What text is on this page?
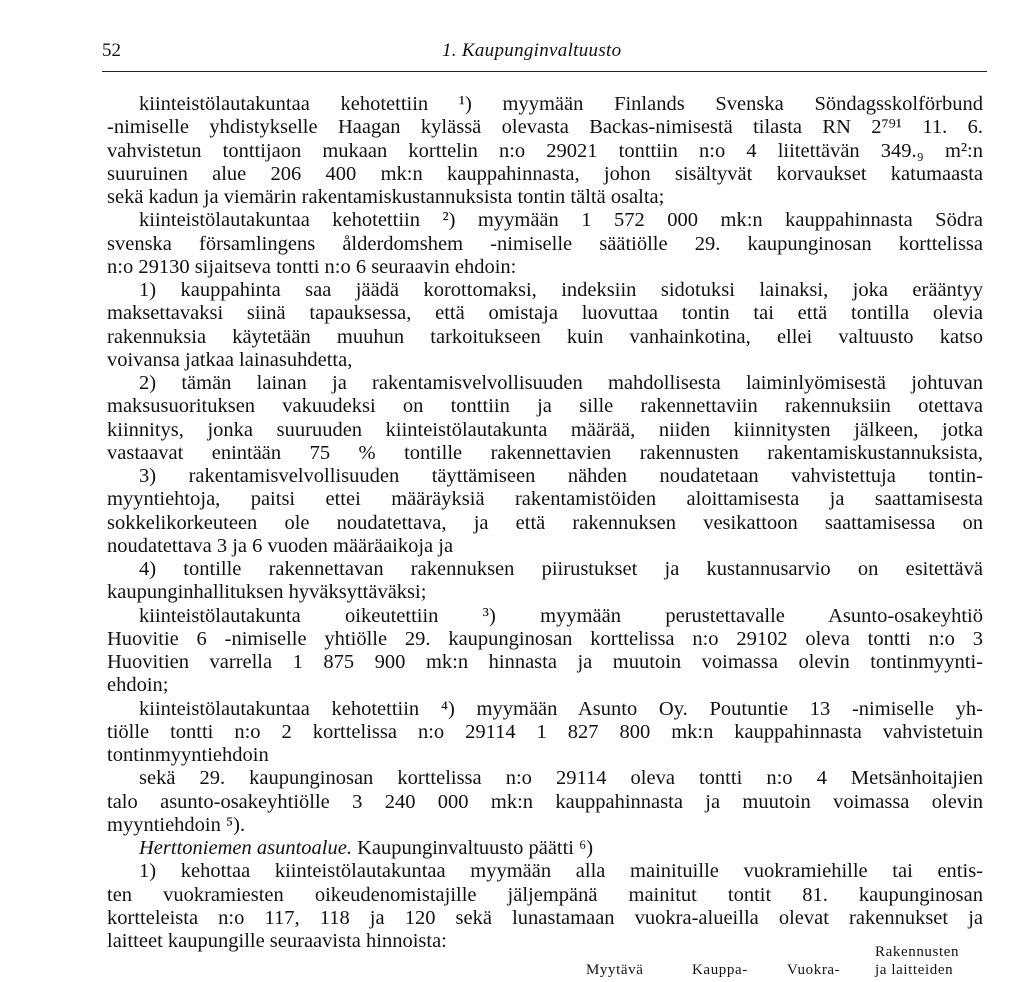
52	1. Kaupunginvaltuusto
kiinteistölautakuntaa kehotettiin ¹) myymään Finlands Svenska Söndagsskolförbund
-nimiselle yhdistykselle Haagan kylässä olevasta Backas-nimisestä tilasta RN 2⁷⁹¹ 11. 6.
vahvistetun tonttijaon mukaan korttelin n:o 29021 tonttiin n:o 4 liitettävän 349.₉ m²:n
suuruinen alue 206 400 mk:n kauppahinnasta, johon sisältyvät korvaukset katumaasta
sekä kadun ja viemärin rakentamiskustannuksista tontin tältä osalta;
kiinteistölautakuntaa kehotettiin ²) myymään 1 572 000 mk:n kauppahinnasta Södra
svenska församlingens ålderdomshem -nimiselle säätiölle 29. kaupunginosan korttelissa
n:o 29130 sijaitseva tontti n:o 6 seuraavin ehdoin:
1) kauppahinta saa jäädä korottomaksi, indeksiin sidotuksi lainaksi, joka erääntyy
maksettavaksi siinä tapauksessa, että omistaja luovuttaa tontin tai että tontilla olevia
rakennuksia käytetään muuhun tarkoitukseen kuin vanhainkotina, ellei valtuusto katso
voivansa jatkaa lainasuhdetta,
2) tämän lainan ja rakentamisvelvollisuuden mahdollisesta laiminlyömisestä johtuvan
maksusuorituksen vakuudeksi on tonttiin ja sille rakennettaviin rakennuksiin otettava
kiinnitys, jonka suuruuden kiinteistölautakunta määrää, niiden kiinnitysten jälkeen, jotka
vastaavat enintään 75 % tontille rakennettavien rakennusten rakentamiskustannuksista,
3) rakentamisvelvollisuuden täyttämiseen nähden noudatetaan vahvistettuja tontin-
myyntiehtoja, paitsi ettei määräyksiä rakentamistöiden aloittamisesta ja saattamisesta
sokkelikorkeuteen ole noudatettava, ja että rakennuksen vesikattoon saattamisessa on
noudatettava 3 ja 6 vuoden määräaikoja ja
4) tontille rakennettavan rakennuksen piirustukset ja kustannusarvio on esitettävä
kaupunginhallituksen hyväksyttäväksi;
kiinteistölautakunta oikeutettiin ³) myymään perustettavalle Asunto-osakeyhtiö
Huovitie 6 -nimiselle yhtiölle 29. kaupunginosan korttelissa n:o 29102 oleva tontti n:o 3
Huovitien varrella 1 875 900 mk:n hinnasta ja muutoin voimassa olevin tontinmyynti-
ehdoin;
kiinteistölautakuntaa kehotettiin ⁴) myymään Asunto Oy. Poutuntie 13 -nimiselle yh-
tiölle tontti n:o 2 korttelissa n:o 29114 1 827 800 mk:n kauppahinnasta vahvistetuin
tontinmyyntiehdoin
sekä 29. kaupunginosan korttelissa n:o 29114 oleva tontti n:o 4 Metsänhoitajien
talo asunto-osakeyhtiölle 3 240 000 mk:n kauppahinnasta ja muutoin voimassa olevin
myyntiehdoin ⁵).
Herttoniemen asuntoalue. Kaupunginvaltuusto päätti ⁶)
1) kehottaa kiinteistölautakuntaa myymään alla mainituille vuokramiehille tai entis-
ten vuokramiesten oikeudenomistajille jäljempänä mainitut tontit 81. kaupunginosan
kortteleista n:o 117, 118 ja 120 sekä lunastamaan vuokra-alueilla olevat rakennukset ja
laitteet kaupungille seuraavista hinnoista:
Myytävä	Kauppa-	Vuokra-
Rakennusten
ja laitteiden
